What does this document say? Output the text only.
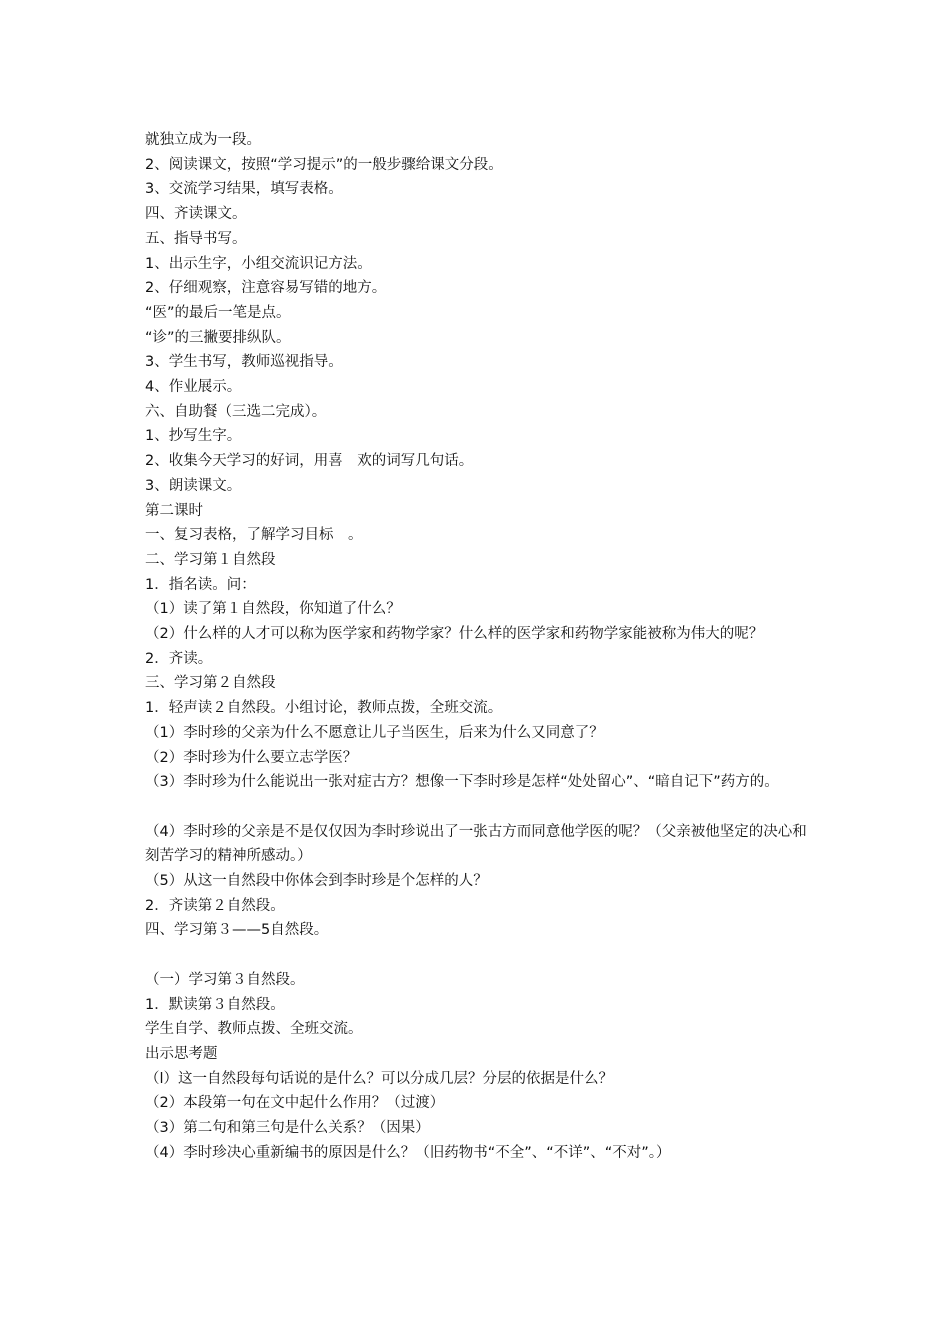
就独立成为一段。

2、阅读课文，按照“学习提示”的一般步骤给课文分段。

3、交流学习结果，填写表格。

四、齐读课文。

五、指导书写。

1、出示生字，小组交流识记方法。

2、仔细观察，注意容易写错的地方。

“医”的最后一笔是点。

“诊”的三撇要排纵队。

3、学生书写，教师巡视指导。

4、作业展示。

六、自助餐（三选二完成）。

1、抄写生字。

2、收集今天学习的好词，用喜　欢的词写几句话。

3、朗读课文。

第二课时

一、复习表格，了解学习目标　。

二、学习第１自然段

1．指名读。问：

（1）读了第１自然段，你知道了什么？

（2）什么样的人才可以称为医学家和药物学家？什么样的医学家和药物学家能被称为伟大的呢？

2．齐读。

三、学习第２自然段

1．轻声读２自然段。小组讨论，教师点拨，全班交流。

（1）李时珍的父亲为什么不愿意让儿子当医生，后来为什么又同意了？

（2）李时珍为什么要立志学医？

（3）李时珍为什么能说出一张对症古方？想像一下李时珍是怎样“处处留心”、“暗自记下”药方的。

（4）李时珍的父亲是不是仅仅因为李时珍说出了一张古方而同意他学医的呢？（父亲被他坚定的决心和刻苦学习的精神所感动。）

（5）从这一自然段中你体会到李时珍是个怎样的人？

2．齐读第２自然段。

四、学习第３——5自然段。

（一）学习第３自然段。

1．默读第３自然段。

学生自学、教师点拨、全班交流。

出示思考题

（l）这一自然段每句话说的是什么？可以分成几层？分层的依据是什么？

（2）本段第一句在文中起什么作用？（过渡）

（3）第二句和第三句是什么关系？（因果）

（4）李时珍决心重新编书的原因是什么？（旧药物书“不全”、“不详”、“不对”。）
